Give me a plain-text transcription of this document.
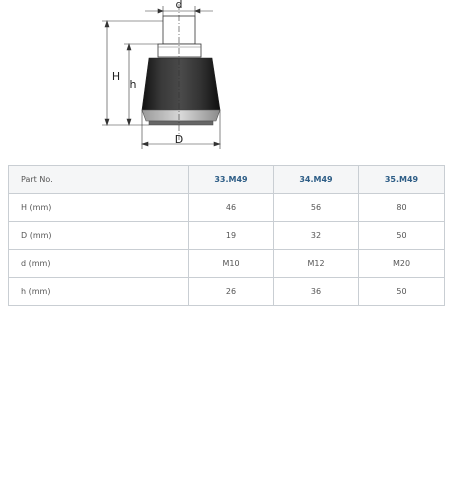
d
H
h
D
Part No.	33.M49	34.M49	35.M49
H (mm)	46	56	80
D (mm)	19	32	50
d (mm)	M10	M12	M20
h (mm)	26	36	50
